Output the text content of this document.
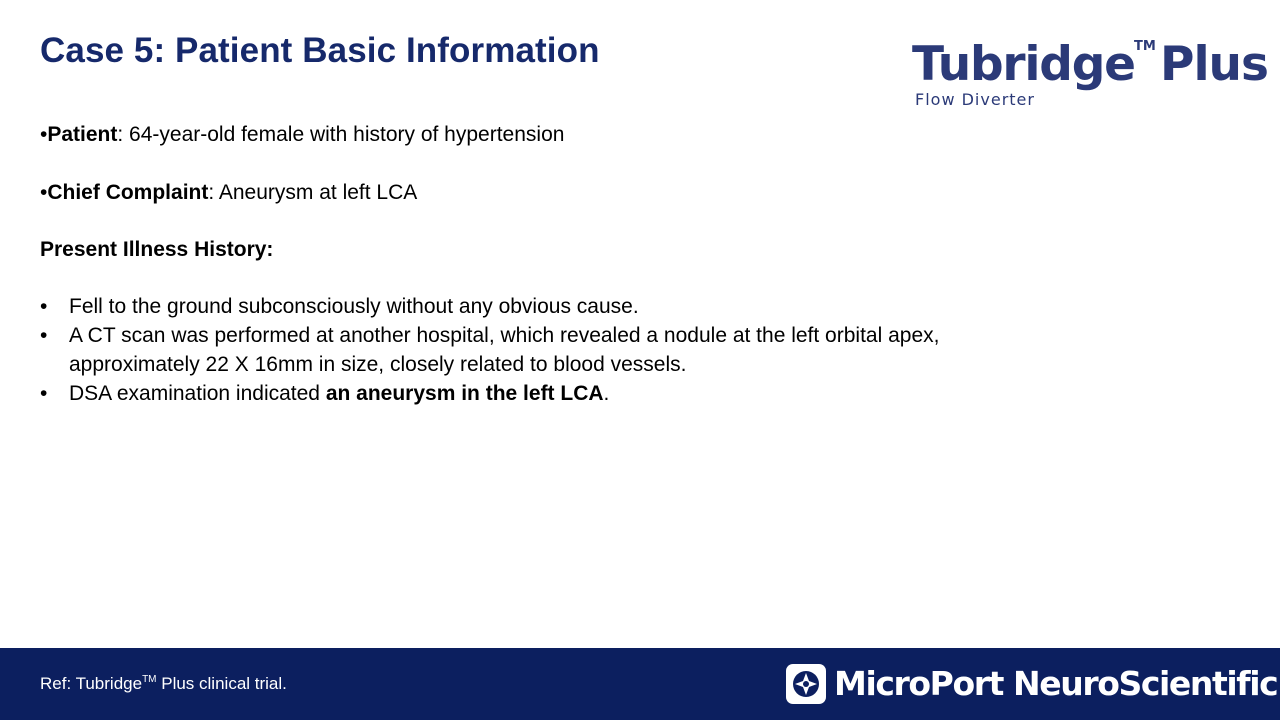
Case 5: Patient Basic Information	Tubridge TM Plus
Flow Diverter
•Patient: 64-year-old female with history of hypertension
•Chief Complaint: Aneurysm at left LCA
Present Illness History:
• Fell to the ground subconsciously without any obvious cause.
• A CT scan was performed at another hospital, which revealed a nodule at the left orbital apex, approximately 22 X 16mm in size, closely related to blood vessels.
• DSA examination indicated an aneurysm in the left LCA.
Ref: Tubridge™ Plus clinical trial.	MicroPort NeuroScientific
